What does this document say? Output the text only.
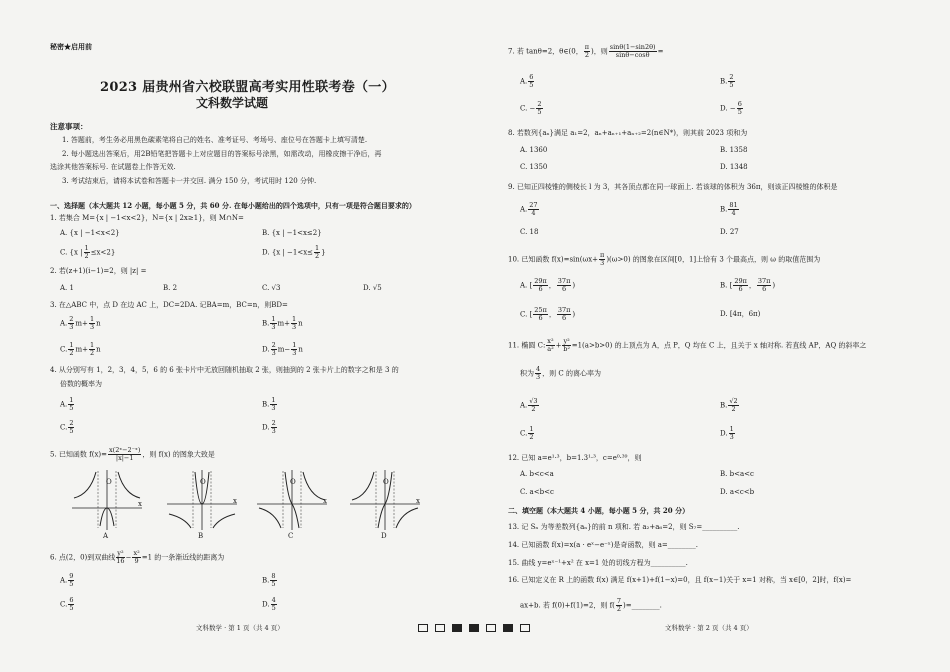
秘密★启用前
2023 届贵州省六校联盟高考实用性联考卷（一）
文科数学试题
注意事项：
1. 答题前，考生务必用黑色碳素笔将自己的姓名、准考证号、考场号、座位号在答题卡上填写清楚.
2. 每小题选出答案后，用2B铅笔把答题卡上对应题目的答案标号涂黑，如需改动，用橡皮擦干净后，再
选涂其他答案标号. 在试题卷上作答无效.
3. 考试结束后，请将本试卷和答题卡一并交回. 满分 150 分，考试用时 120 分钟.
一、选择题（本大题共 12 小题，每小题 5 分，共 60 分. 在每小题给出的四个选项中，只有一项是符合题目要求的）
1. 若集合 M={x | −1<x<2}，N={x | 2x≥1}，则 M∩N=
A. {x | −1<x<2}	B. {x | −1<x≤2}
C. {x | $\frac{1}{2} \le x<2$}	D. {x | $-1<x\le \frac{1}{2}$ }
2. 若(z+1)(i−1)=2，则 |z| =
A. 1	B. 2	C. √3	D. √5
3. 在△ABC 中，点 D 在边 AC 上，DC=2DA. 记BA=m，BC=n，则BD=
A. $\frac{2}{3} m+ \frac{1}{3}$ n	B. $\frac{1}{3} m+ \frac{1}{3}$ n
C. $\frac{1}{2} m+ \frac{1}{2}$ n	D. $\frac{2}{3} m- \frac{1}{3}$ n
4. 从分别写有 1，2，3，4，5，6 的 6 张卡片中无放回随机抽取 2 张，则抽到的 2 张卡片上的数字之和是 3 的
倍数的概率为
A. $\frac{1}{5}$	B. $\frac{1}{3}$
C. $\frac{2}{5}$	D. $\frac{2}{3}$
5. 已知函数 $f(x)= \frac{\text{x(2ˣ−2⁻ˣ)}}{|x|-1}$ ，则 f(x) 的图象大致是
O
x
A
O
x
B
O
x
C
O
x
D
6. 点(2，0)到双曲线 $\frac{\text{y²}}{16} - \frac{\text{x²}}{9} =1$ 的一条渐近线的距离为
A. $\frac{9}{5}$	B. $\frac{8}{5}$
C. $\frac{6}{5}$	D. $\frac{4}{5}$
文科数学 · 第 1 页（共 4 页）
7. 若 tanθ=2，θ∈(0， $\frac{\pi}{2}$ )，则 $\frac{\sin\theta(1-\sin 2\theta)}{\sin\theta-\cos\theta}$ =
A. $\frac{6}{5}$	B. $\frac{2}{5}$
C. − $\frac{2}{5}$	D. − $\frac{6}{5}$
8. 若数列{aₙ}满足 a₁=2，aₙ+aₙ₊₁+aₙ₊₂=2(n∈N*)，则其前 2023 项和为
A. 1360	B. 1358
C. 1350	D. 1348
9. 已知正四棱锥的侧棱长 l 为 3，其各顶点都在同一球面上. 若该球的体积为 36π，则该正四棱锥的体积是
A. $\frac{27}{4}$	B. $\frac{81}{4}$
C. 18	D. 27
10. 已知函数 $f(x)=\sin(\omega x+ \frac{\pi}{3} )(\omega>0)$ 的图象在区间[0，1]上恰有 3 个最高点，则 ω 的取值范围为
A. [ $\frac{29\pi}{6}$ ， $\frac{37\pi}{6}$ )	B. [ $\frac{29\pi}{6}$ ， $\frac{37\pi}{6}$ )
C. [ $\frac{25\pi}{6}$ ， $\frac{37\pi}{6}$ )	D. [4π，6π)
11. 椭圆 C: $\frac{\text{x²}}{\text{a²}} + \frac{\text{y²}}{\text{b²}} =1(a>b>0)$ 的上顶点为 A，点 P，Q 均在 C 上，且关于 x 轴对称. 若直线 AP，AQ 的斜率之
积为 $\frac{4}{3}$ ，则 C 的离心率为
A. $\frac{√3}{2}$	B. $\frac{√2}{2}$
C. $\frac{1}{2}$	D. $\frac{1}{3}$
12. 已知 a=e¹·³，b=1.3¹·³，c=e⁰·³⁹，则
A. b<c<a	B. b<a<c
C. a<b<c	D. a<c<b
二、填空题（本大题共 4 小题，每小题 5 分，共 20 分）
13. 记 Sₙ 为等差数列{aₙ}的前 n 项和. 若 a₂+a₆=2，则 S₇=__________.
14. 已知函数 f(x)=x(a · eˣ−e⁻ˣ)是奇函数，则 a=________.
15. 曲线 y=eˣ⁻¹+x² 在 x=1 处的切线方程为__________.
16. 已知定义在 R 上的函数 f(x) 满足 f(x+1)+f(1−x)=0，且 f(x−1)关于 x=1 对称，当 x∈[0，2]时，f(x)=
ax+b. 若 f(0)+f(1)=2，则 $f( \frac{7}{2}$ )=________.
文科数学 · 第 2 页（共 4 页）
